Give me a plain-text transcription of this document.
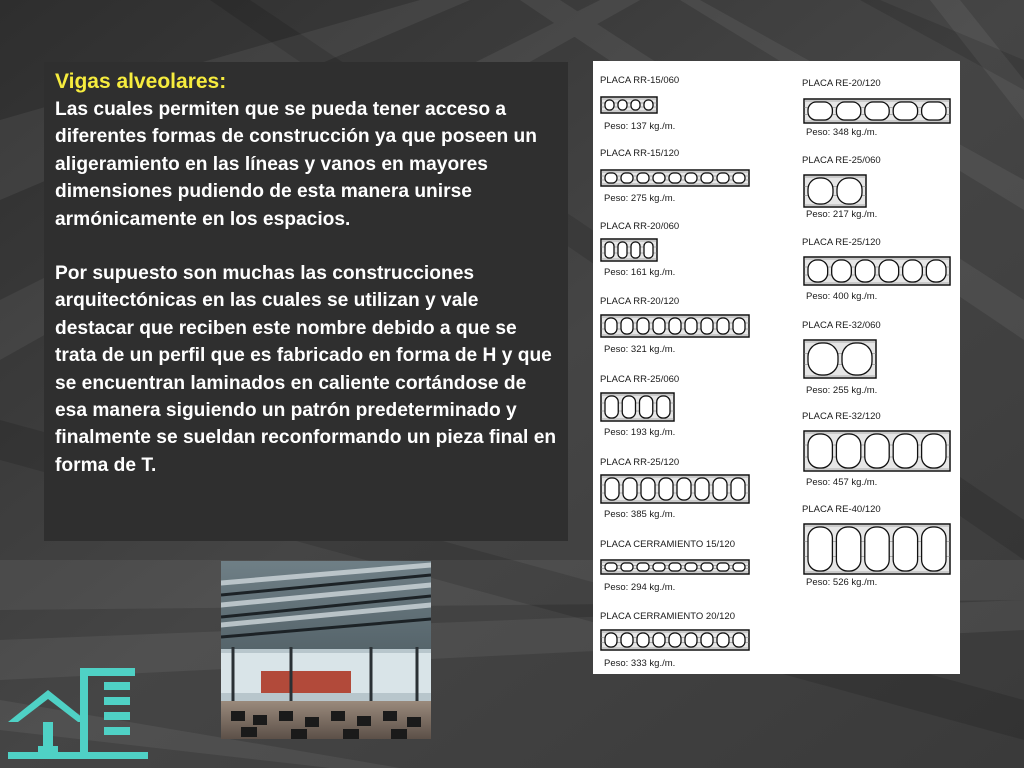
Vigas alveolares:

Las cuales permiten que se pueda tener acceso a diferentes formas de construcción ya que poseen un aligeramiento en las líneas y vanos en mayores dimensiones pudiendo de esta manera unirse armónicamente en los espacios.

Por supuesto son muchas las construcciones arquitectónicas en las cuales se utilizan y vale destacar que reciben este nombre debido a que se trata de un perfil que es fabricado en forma de H y que se encuentran laminados en caliente cortándose de esa manera siguiendo un patrón predeterminado y finalmente se sueldan reconformando un pieza final en forma de T.

PLACA RR-15/060
Peso: 137 kg./m.
PLACA RR-15/120
Peso: 275 kg./m.
PLACA RR-20/060
Peso: 161 kg./m.
PLACA RR-20/120
Peso: 321 kg./m.
PLACA RR-25/060
Peso: 193 kg./m.
PLACA RR-25/120
Peso: 385 kg./m.
PLACA CERRAMIENTO 15/120
Peso: 294 kg./m.
PLACA CERRAMIENTO 20/120
Peso: 333 kg./m.
PLACA RE-20/120
Peso: 348 kg./m.
PLACA RE-25/060
Peso: 217 kg./m.
PLACA RE-25/120
Peso: 400 kg./m.
PLACA RE-32/060
Peso: 255 kg./m.
PLACA RE-32/120
Peso: 457 kg./m.
PLACA RE-40/120
Peso: 526 kg./m.
